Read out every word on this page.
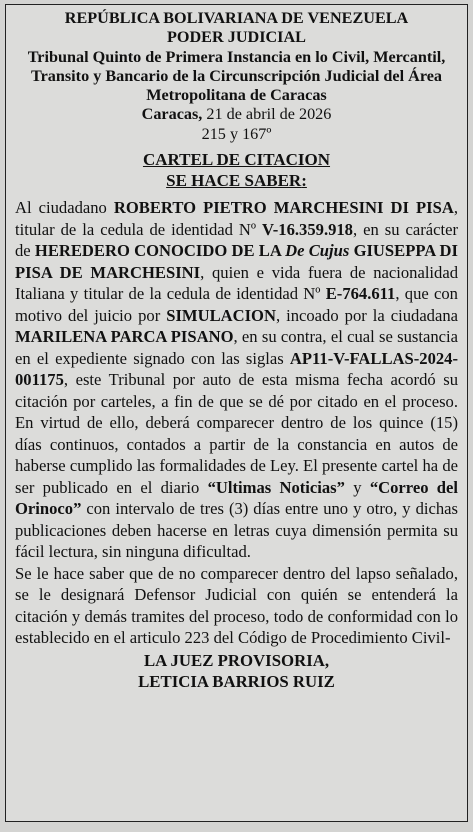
REPÚBLICA BOLIVARIANA DE VENEZUELA
PODER JUDICIAL
Tribunal Quinto de Primera Instancia en lo Civil, Mercantil, Transito y Bancario de la Circunscripción Judicial del Área Metropolitana de Caracas
Caracas, 21 de abril de 2026
215 y 167º
CARTEL DE CITACION
SE HACE SABER:

Al ciudadano ROBERTO PIETRO MARCHESINI DI PISA, titular de la cedula de identidad Nº V-16.359.918, en su carácter de HEREDERO CONOCIDO DE LA De Cujus GIUSEPPA DI PISA DE MARCHESINI, quien e vida fuera de nacionalidad Italiana y titular de la cedula de identidad Nº E-764.611, que con motivo del juicio por SIMULACION, incoado por la ciudadana MARILENA PARCA PISANO, en su contra, el cual se sustancia en el expediente signado con las siglas AP11-V-FALLAS-2024-001175, este Tribunal por auto de esta misma fecha acordó su citación por carteles, a fin de que se dé por citado en el proceso. En virtud de ello, deberá comparecer dentro de los quince (15) días continuos, contados a partir de la constancia en autos de haberse cumplido las formalidades de Ley. El presente cartel ha de ser publicado en el diario “Ultimas Noticias” y “Correo del Orinoco” con intervalo de tres (3) días entre uno y otro, y dichas publicaciones deben hacerse en letras cuya dimensión permita su fácil lectura, sin ninguna dificultad.

Se le hace saber que de no comparecer dentro del lapso señalado, se le designará Defensor Judicial con quién se entenderá la citación y demás tramites del proceso, todo de conformidad con lo establecido en el articulo 223 del Código de Procedimiento Civil-

LA JUEZ PROVISORIA,
LETICIA BARRIOS RUIZ
